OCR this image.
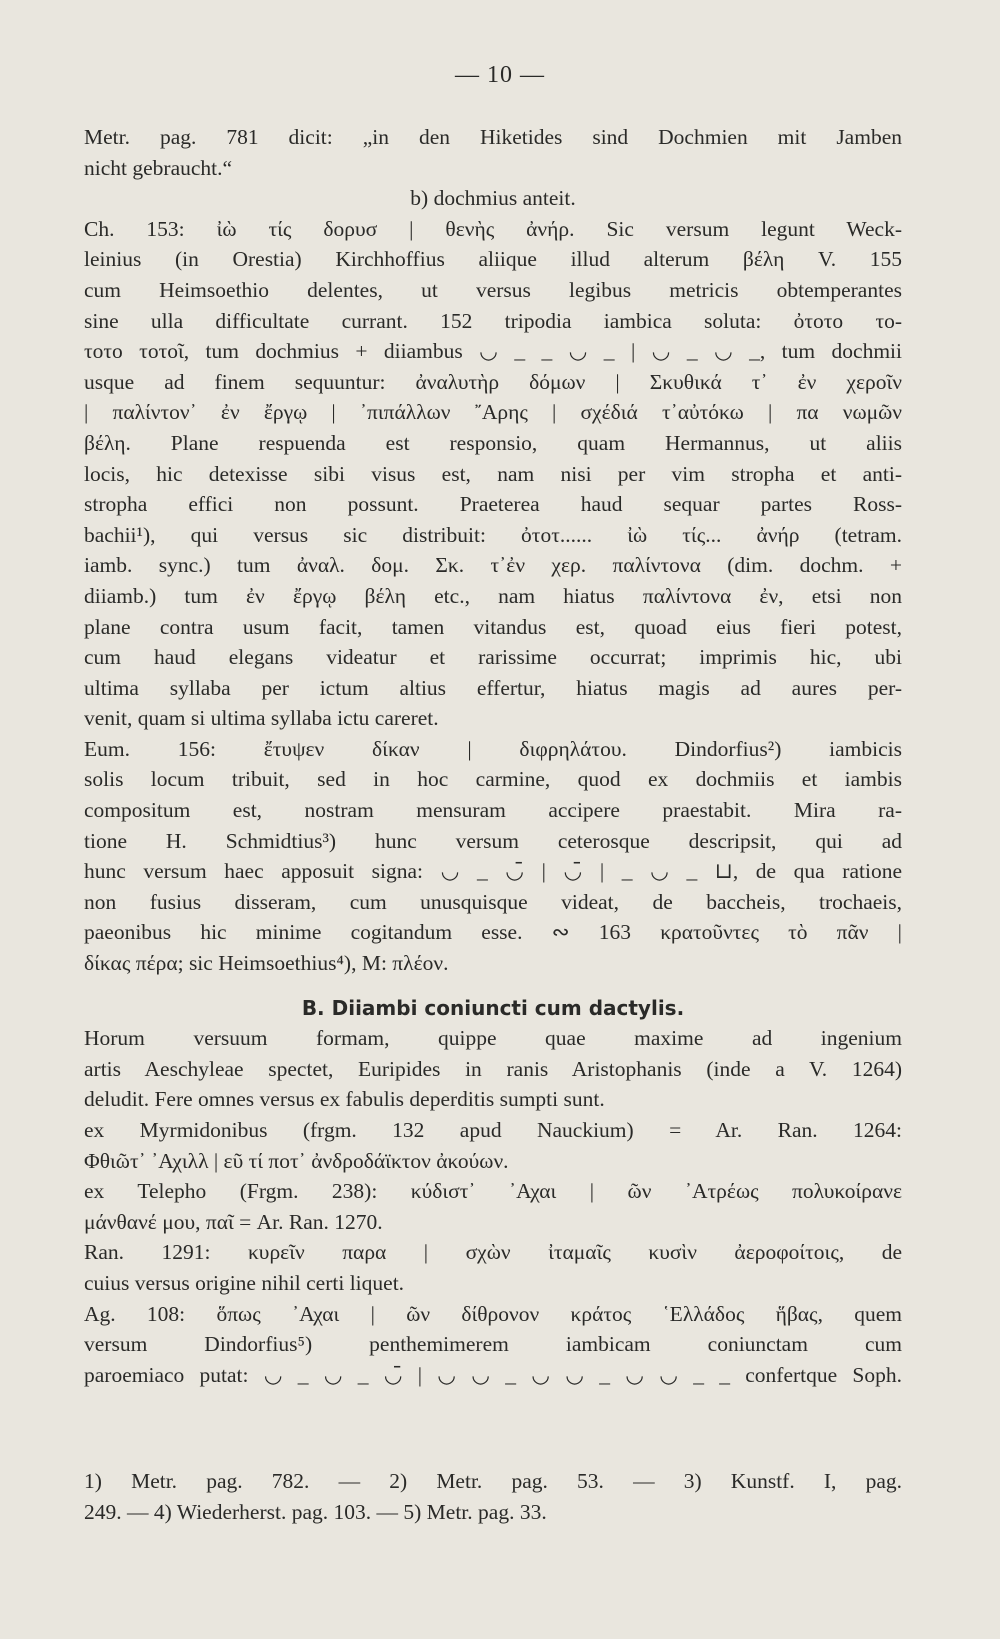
— 10 —
Metr. pag. 781 dicit: „in den Hiketides sind Dochmien mit Jamben
nicht gebraucht.“
b) dochmius anteit.
Ch. 153: ἰὼ τίς δορυσ | θενὴς ἀνήρ. Sic versum legunt Weck-
leinius (in Orestia) Kirchhoffius aliique illud alterum βέλη V. 155
cum Heimsoethio delentes, ut versus legibus metricis obtemperantes
sine ulla difficultate currant. 152 tripodia iambica soluta: ὀτοτο το-
τοτο τοτοῖ, tum dochmius + diiambus ◡ _ _ ◡ _ | ◡ _ ◡ _, tum dochmii
usque ad finem sequuntur: ἀναλυτὴρ δόμων | Σκυθικά τ᾽ ἐν χεροῖν
| παλίντον᾽ ἐν ἔργῳ | ᾽πιπάλλων ῎Αρης | σχέδιά τ᾽αὐτόκω | πα νωμῶν
βέλη. Plane respuenda est responsio, quam Hermannus, ut aliis
locis, hic detexisse sibi visus est, nam nisi per vim stropha et anti-
stropha effici non possunt. Praeterea haud sequar partes Ross-
bachii¹), qui versus sic distribuit: ὀτοτ...... ἰὼ τίς... ἀνήρ (tetram.
iamb. sync.) tum ἀναλ. δομ. Σκ. τ᾽ἐν χερ. παλίντονα (dim. dochm. +
diiamb.) tum ἐν ἔργῳ βέλη etc., nam hiatus παλίντονα ἐν, etsi non
plane contra usum facit, tamen vitandus est, quoad eius fieri potest,
cum haud elegans videatur et rarissime occurrat; imprimis hic, ubi
ultima syllaba per ictum altius effertur, hiatus magis ad aures per-
venit, quam si ultima syllaba ictu careret.
Eum. 156: ἔτυψεν δίκαν | διφρηλάτου. Dindorfius²) iambicis
solis locum tribuit, sed in hoc carmine, quod ex dochmiis et iambis
compositum est, nostram mensuram accipere praestabit. Mira ra-
tione H. Schmidtius³) hunc versum ceterosque descripsit, qui ad
hunc versum haec apposuit signa: ◡ _ ◡̄ | ◡̄ | _ ◡ _ ⊔, de qua ratione
non fusius disseram, cum unusquisque videat, de baccheis, trochaeis,
paeonibus hic minime cogitandum esse. ∾ 163 κρατοῦντες τὸ πᾶν |
δίκας πέρα; sic Heimsoethius⁴), M: πλέον.
B. Diiambi coniuncti cum dactylis.
Horum versuum formam, quippe quae maxime ad ingenium
artis Aeschyleae spectet, Euripides in ranis Aristophanis (inde a V. 1264)
deludit. Fere omnes versus ex fabulis deperditis sumpti sunt.
ex Myrmidonibus (frgm. 132 apud Nauckium) = Ar. Ran. 1264:
Φθιῶτ᾽ ᾽Αχιλλ | εῦ τί ποτ᾽ ἀνδροδάϊκτον ἀκούων.
ex Telepho (Frgm. 238): κύδιστ᾽ ᾽Αχαι | ῶν ᾽Ατρέως πολυκοίρανε
μάνθανέ μου, παῖ = Ar. Ran. 1270.
Ran. 1291: κυρεῖν παρα | σχὼν ἰταμαῖς κυσὶν ἀεροφοίτοις, de
cuius versus origine nihil certi liquet.
Ag. 108: ὅπως ᾽Αχαι | ῶν δίθρονον κράτος ῾Ελλάδος ἥβας, quem
versum Dindorfius⁵) penthemimerem iambicam coniunctam cum
paroemiaco putat: ◡ _ ◡ _ ◡̄ | ◡ ◡ _ ◡ ◡ _ ◡ ◡ _ _ confertque Soph.
1) Metr. pag. 782. — 2) Metr. pag. 53. — 3) Kunstf. I, pag.
249. — 4) Wiederherst. pag. 103. — 5) Metr. pag. 33.
